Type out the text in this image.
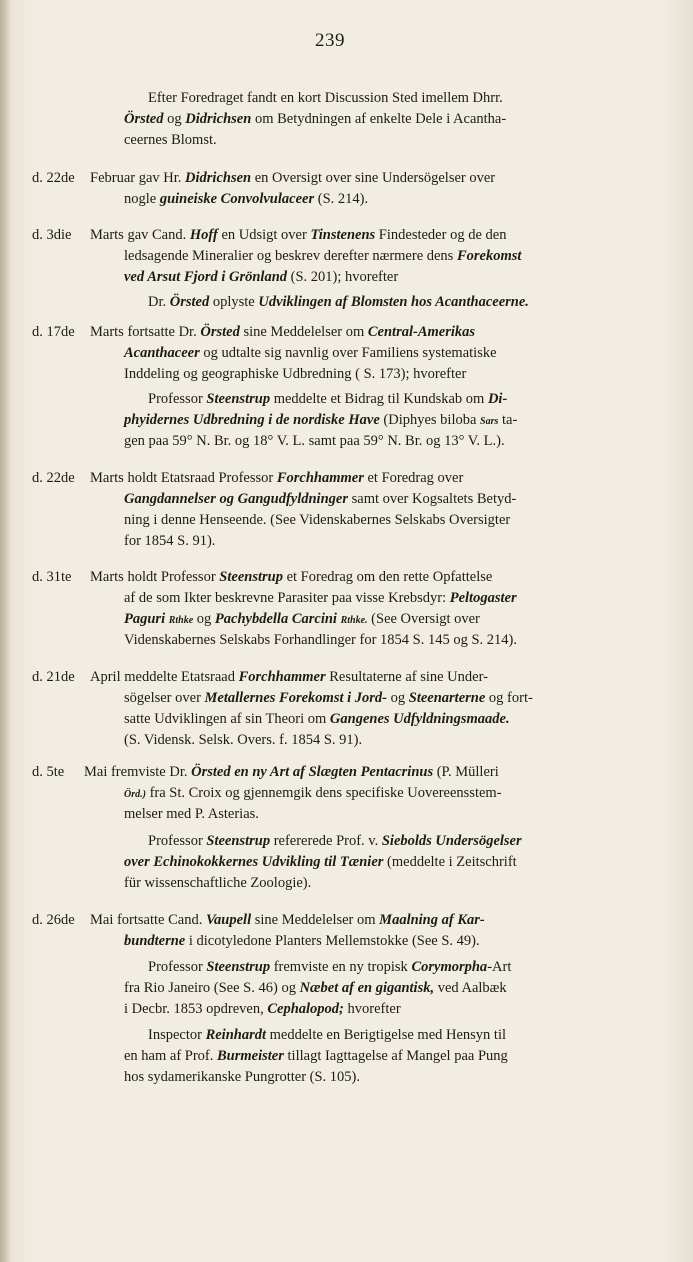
239
Efter Foredraget fandt en kort Discussion Sted imellem Dhrr.
Örsted og Didrichsen om Betydningen af enkelte Dele i Acantha-
ceernes Blomst.
d. 22de Februar gav Hr. Didrichsen en Oversigt over sine Undersögelser over
nogle guineiske Convolvulaceer (S. 214).
d. 3die Marts gav Cand. Hoff en Udsigt over Tinstenens Findesteder og de den
ledsagende Mineralier og beskrev derefter nærmere dens Forekomst
ved Arsut Fjord i Grönland (S. 201); hvorefter
Dr. Örsted oplyste Udviklingen af Blomsten hos Acanthaceerne.
d. 17de Marts fortsatte Dr. Örsted sine Meddelelser om Central-Amerikas
Acanthaceer og udtalte sig navnlig over Familiens systematiske
Inddeling og geographiske Udbredning ( S. 173); hvorefter
Professor Steenstrup meddelte et Bidrag til Kundskab om Di-
phyidernes Udbredning i de nordiske Have (Diphyes biloba Sars ta-
gen paa 59° N. Br. og 18° V. L. samt paa 59° N. Br. og 13° V. L.).
d. 22de Marts holdt Etatsraad Professor Forchhammer et Foredrag over
Gangdannelser og Gangudfyldninger samt over Kogsaltets Betyd-
ning i denne Henseende. (See Videnskabernes Selskabs Oversigter
for 1854 S. 91).
d. 31te Marts holdt Professor Steenstrup et Foredrag om den rette Opfattelse
af de som Ikter beskrevne Parasiter paa visse Krebsdyr: Peltogaster
Paguri Rthke og Pachybdella Carcini Rthke. (See Oversigt over
Videnskabernes Selskabs Forhandlinger for 1854 S. 145 og S. 214).
d. 21de April meddelte Etatsraad Forchhammer Resultaterne af sine Under-
sögelser over Metallernes Forekomst i Jord- og Steenarterne og fort-
satte Udviklingen af sin Theori om Gangenes Udfyldningsmaade.
(S. Vidensk. Selsk. Overs. f. 1854 S. 91).
d. 5te Mai fremviste Dr. Örsted en ny Art af Slægten Pentacrinus (P. Mülleri
Örd.) fra St. Croix og gjennemgik dens specifiske Uovereensstem-
melser med P. Asterias.
Professor Steenstrup refererede Prof. v. Siebolds Undersögelser
over Echinokokkernes Udvikling til Tænier (meddelte i Zeitschrift
für wissenschaftliche Zoologie).
d. 26de Mai fortsatte Cand. Vaupell sine Meddelelser om Maalning af Kar-
bundterne i dicotyledone Planters Mellemstokke (See S. 49).
Professor Steenstrup fremviste en ny tropisk Corymorpha-Art
fra Rio Janeiro (See S. 46) og Næbet af en gigantisk, ved Aalbæk
i Decbr. 1853 opdreven, Cephalopod; hvorefter
Inspector Reinhardt meddelte en Berigtigelse med Hensyn til
en ham af Prof. Burmeister tillagt Iagttagelse af Mangel paa Pung
hos sydamerikanske Pungrotter (S. 105).
